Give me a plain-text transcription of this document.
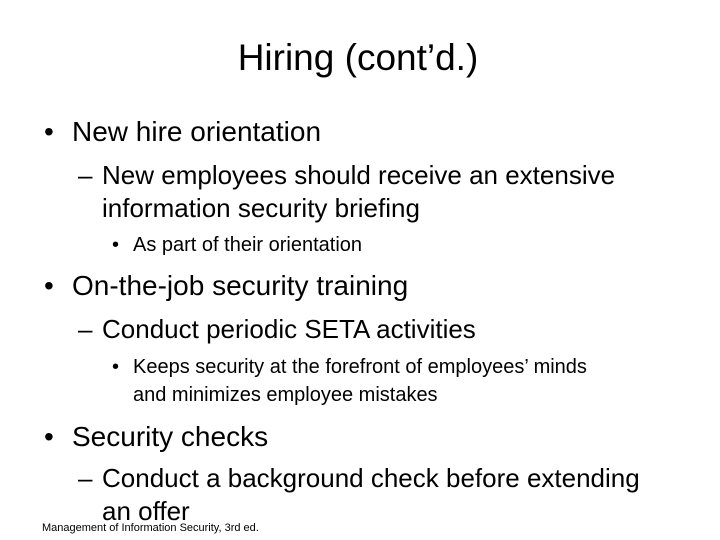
Hiring (cont’d.)
• New hire orientation
– New employees should receive an extensive
information security briefing
• As part of their orientation
• On-the-job security training
– Conduct periodic SETA activities
• Keeps security at the forefront of employees’ minds
and minimizes employee mistakes
• Security checks
– Conduct a background check before extending
an offer
Management of Information Security, 3rd ed.
